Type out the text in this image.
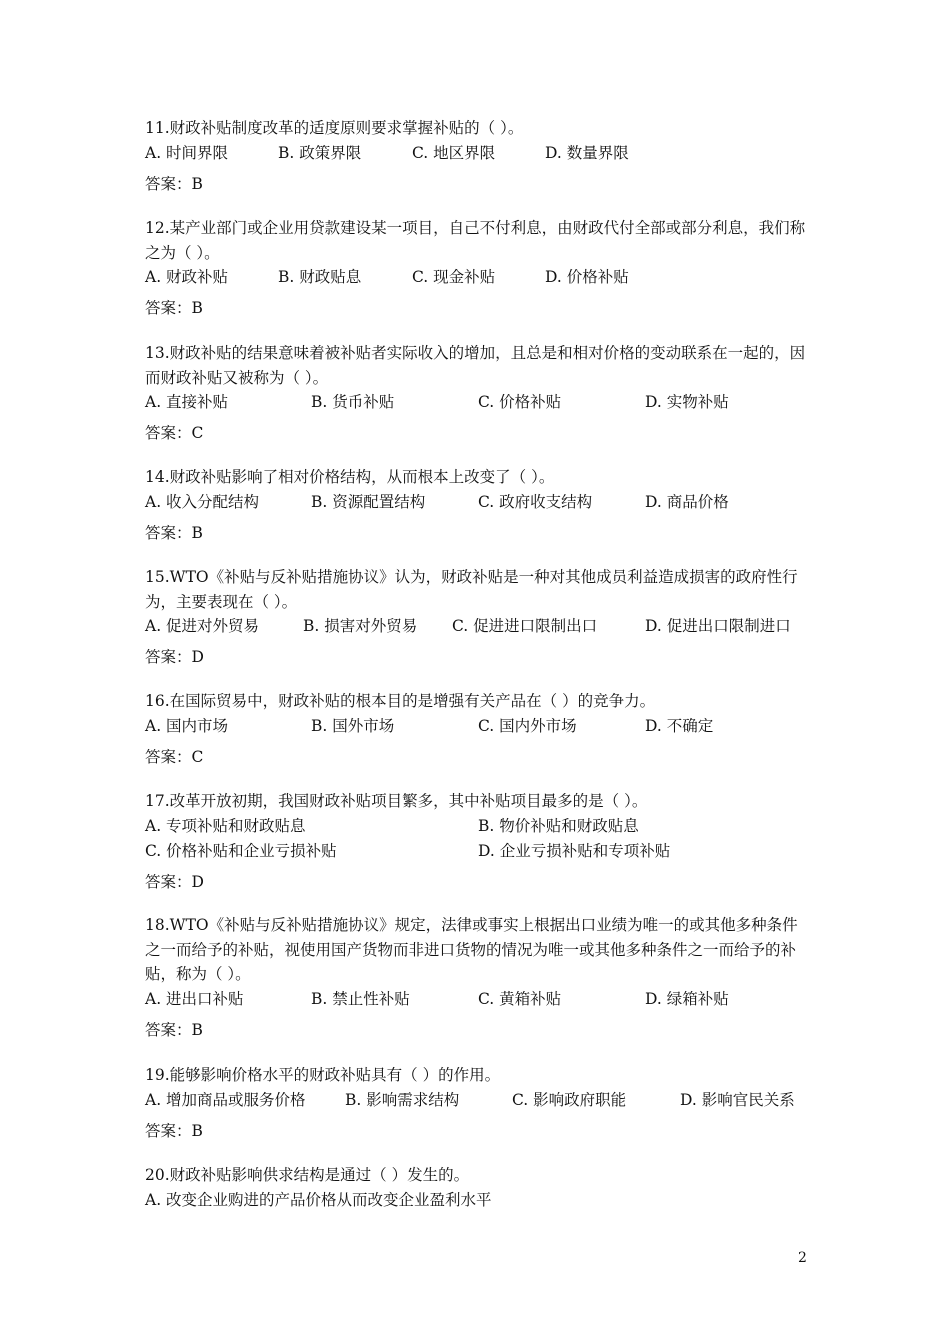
11.财政补贴制度改革的适度原则要求掌握补贴的（ ）。

A. 时间界限	B. 政策界限	C. 地区界限	D. 数量界限
答案：B

12.某产业部门或企业用贷款建设某一项目，自己不付利息，由财政代付全部或部分利息，我们称之为（ ）。

A. 财政补贴	B. 财政贴息	C. 现金补贴	D. 价格补贴
答案：B

13.财政补贴的结果意味着被补贴者实际收入的增加，且总是和相对价格的变动联系在一起的，因而财政补贴又被称为（ ）。

A. 直接补贴	B. 货币补贴	C. 价格补贴	D. 实物补贴
答案：C

14.财政补贴影响了相对价格结构，从而根本上改变了（ ）。

A. 收入分配结构	B. 资源配置结构	C. 政府收支结构	D. 商品价格
答案：B

15.WTO《补贴与反补贴措施协议》认为，财政补贴是一种对其他成员利益造成损害的政府性行为，主要表现在（ ）。

A. 促进对外贸易	B. 损害对外贸易 C. 促进进口限制出口	D. 促进出口限制进口
答案：D

16.在国际贸易中，财政补贴的根本目的是增强有关产品在（ ）的竞争力。

A. 国内市场	B. 国外市场	C. 国内外市场	D. 不确定
答案：C

17.改革开放初期，我国财政补贴项目繁多，其中补贴项目最多的是（ ）。

A. 专项补贴和财政贴息	B. 物价补贴和财政贴息
C. 价格补贴和企业亏损补贴	D. 企业亏损补贴和专项补贴
答案：D

18.WTO《补贴与反补贴措施协议》规定，法律或事实上根据出口业绩为唯一的或其他多种条件之一而给予的补贴，视使用国产货物而非进口货物的情况为唯一或其他多种条件之一而给予的补贴，称为（ ）。

A. 进出口补贴	B. 禁止性补贴	C. 黄箱补贴	D. 绿箱补贴
答案：B

19.能够影响价格水平的财政补贴具有（ ）的作用。

A. 增加商品或服务价格	B. 影响需求结构	C. 影响政府职能	D. 影响官民关系
答案：B

20.财政补贴影响供求结构是通过（ ）发生的。

A. 改变企业购进的产品价格从而改变企业盈利水平
2
